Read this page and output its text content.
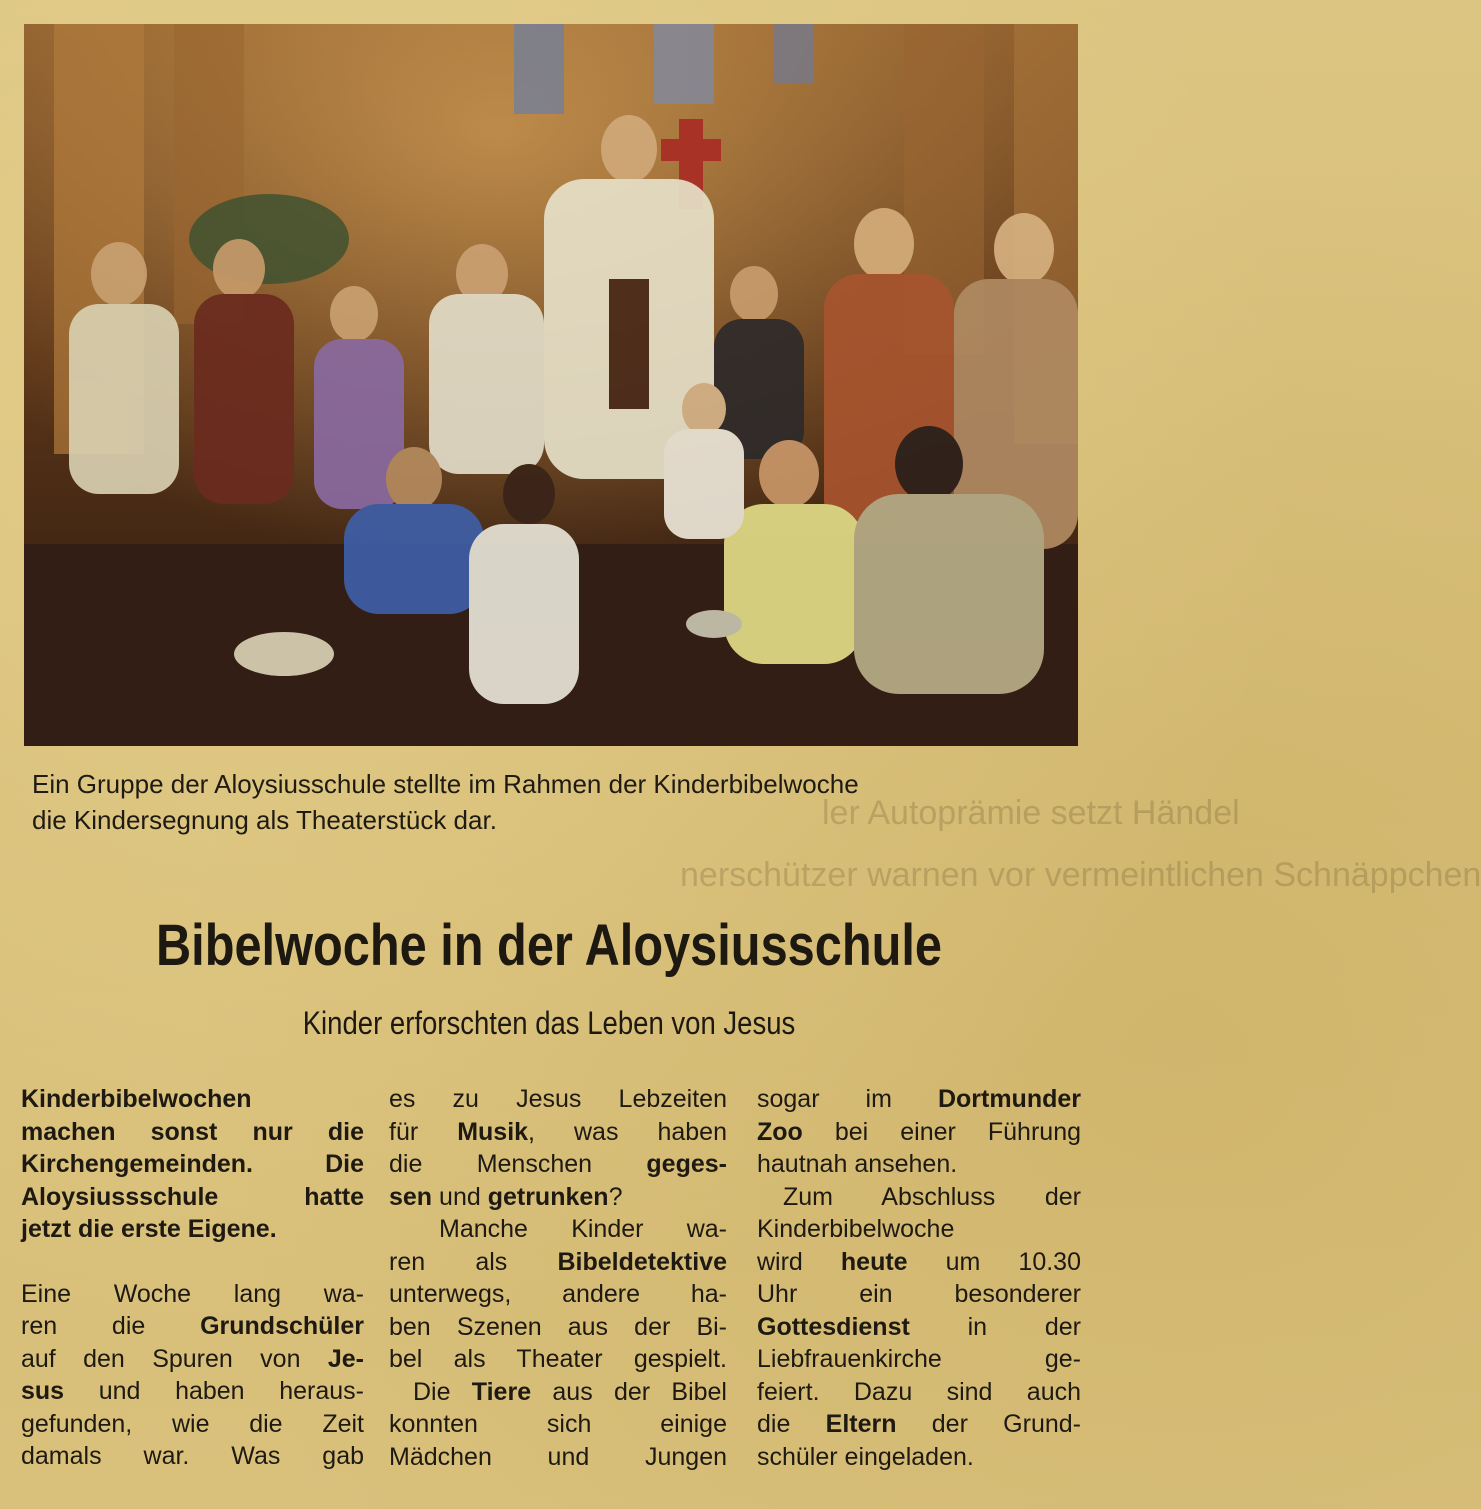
Ein Gruppe der Aloysiusschule stellte im Rahmen der Kinderbibelwoche
die Kindersegnung als Theaterstück dar.	ler Autoprämie setzt Händel
nerschützer warnen vor vermeintlichen Schnäppchen
Bibelwoche in der Aloysiusschule
Kinder erforschten das Leben von Jesus
Kinderbibelwochen
machen sonst nur die
Kirchengemeinden. Die
Aloysiussschule hatte
jetzt die erste Eigene.
Eine Woche lang wa-
ren die Grundschüler
auf den Spuren von Je-
sus und haben heraus-
gefunden, wie die Zeit
damals war. Was gab
es zu Jesus Lebzeiten
für Musik, was haben
die Menschen geges-
sen und getrunken?
Manche Kinder wa-
ren als Bibeldetektive
unterwegs, andere ha-
ben Szenen aus der Bi-
bel als Theater gespielt.
Die Tiere aus der Bibel
konnten sich einige
Mädchen und Jungen
sogar im Dortmunder
Zoo bei einer Führung
hautnah ansehen.
Zum Abschluss der
Kinderbibelwoche
wird heute um 10.30
Uhr ein besonderer
Gottesdienst in der
Liebfrauenkirche ge-
feiert. Dazu sind auch
die Eltern der Grund-
schüler eingeladen.
